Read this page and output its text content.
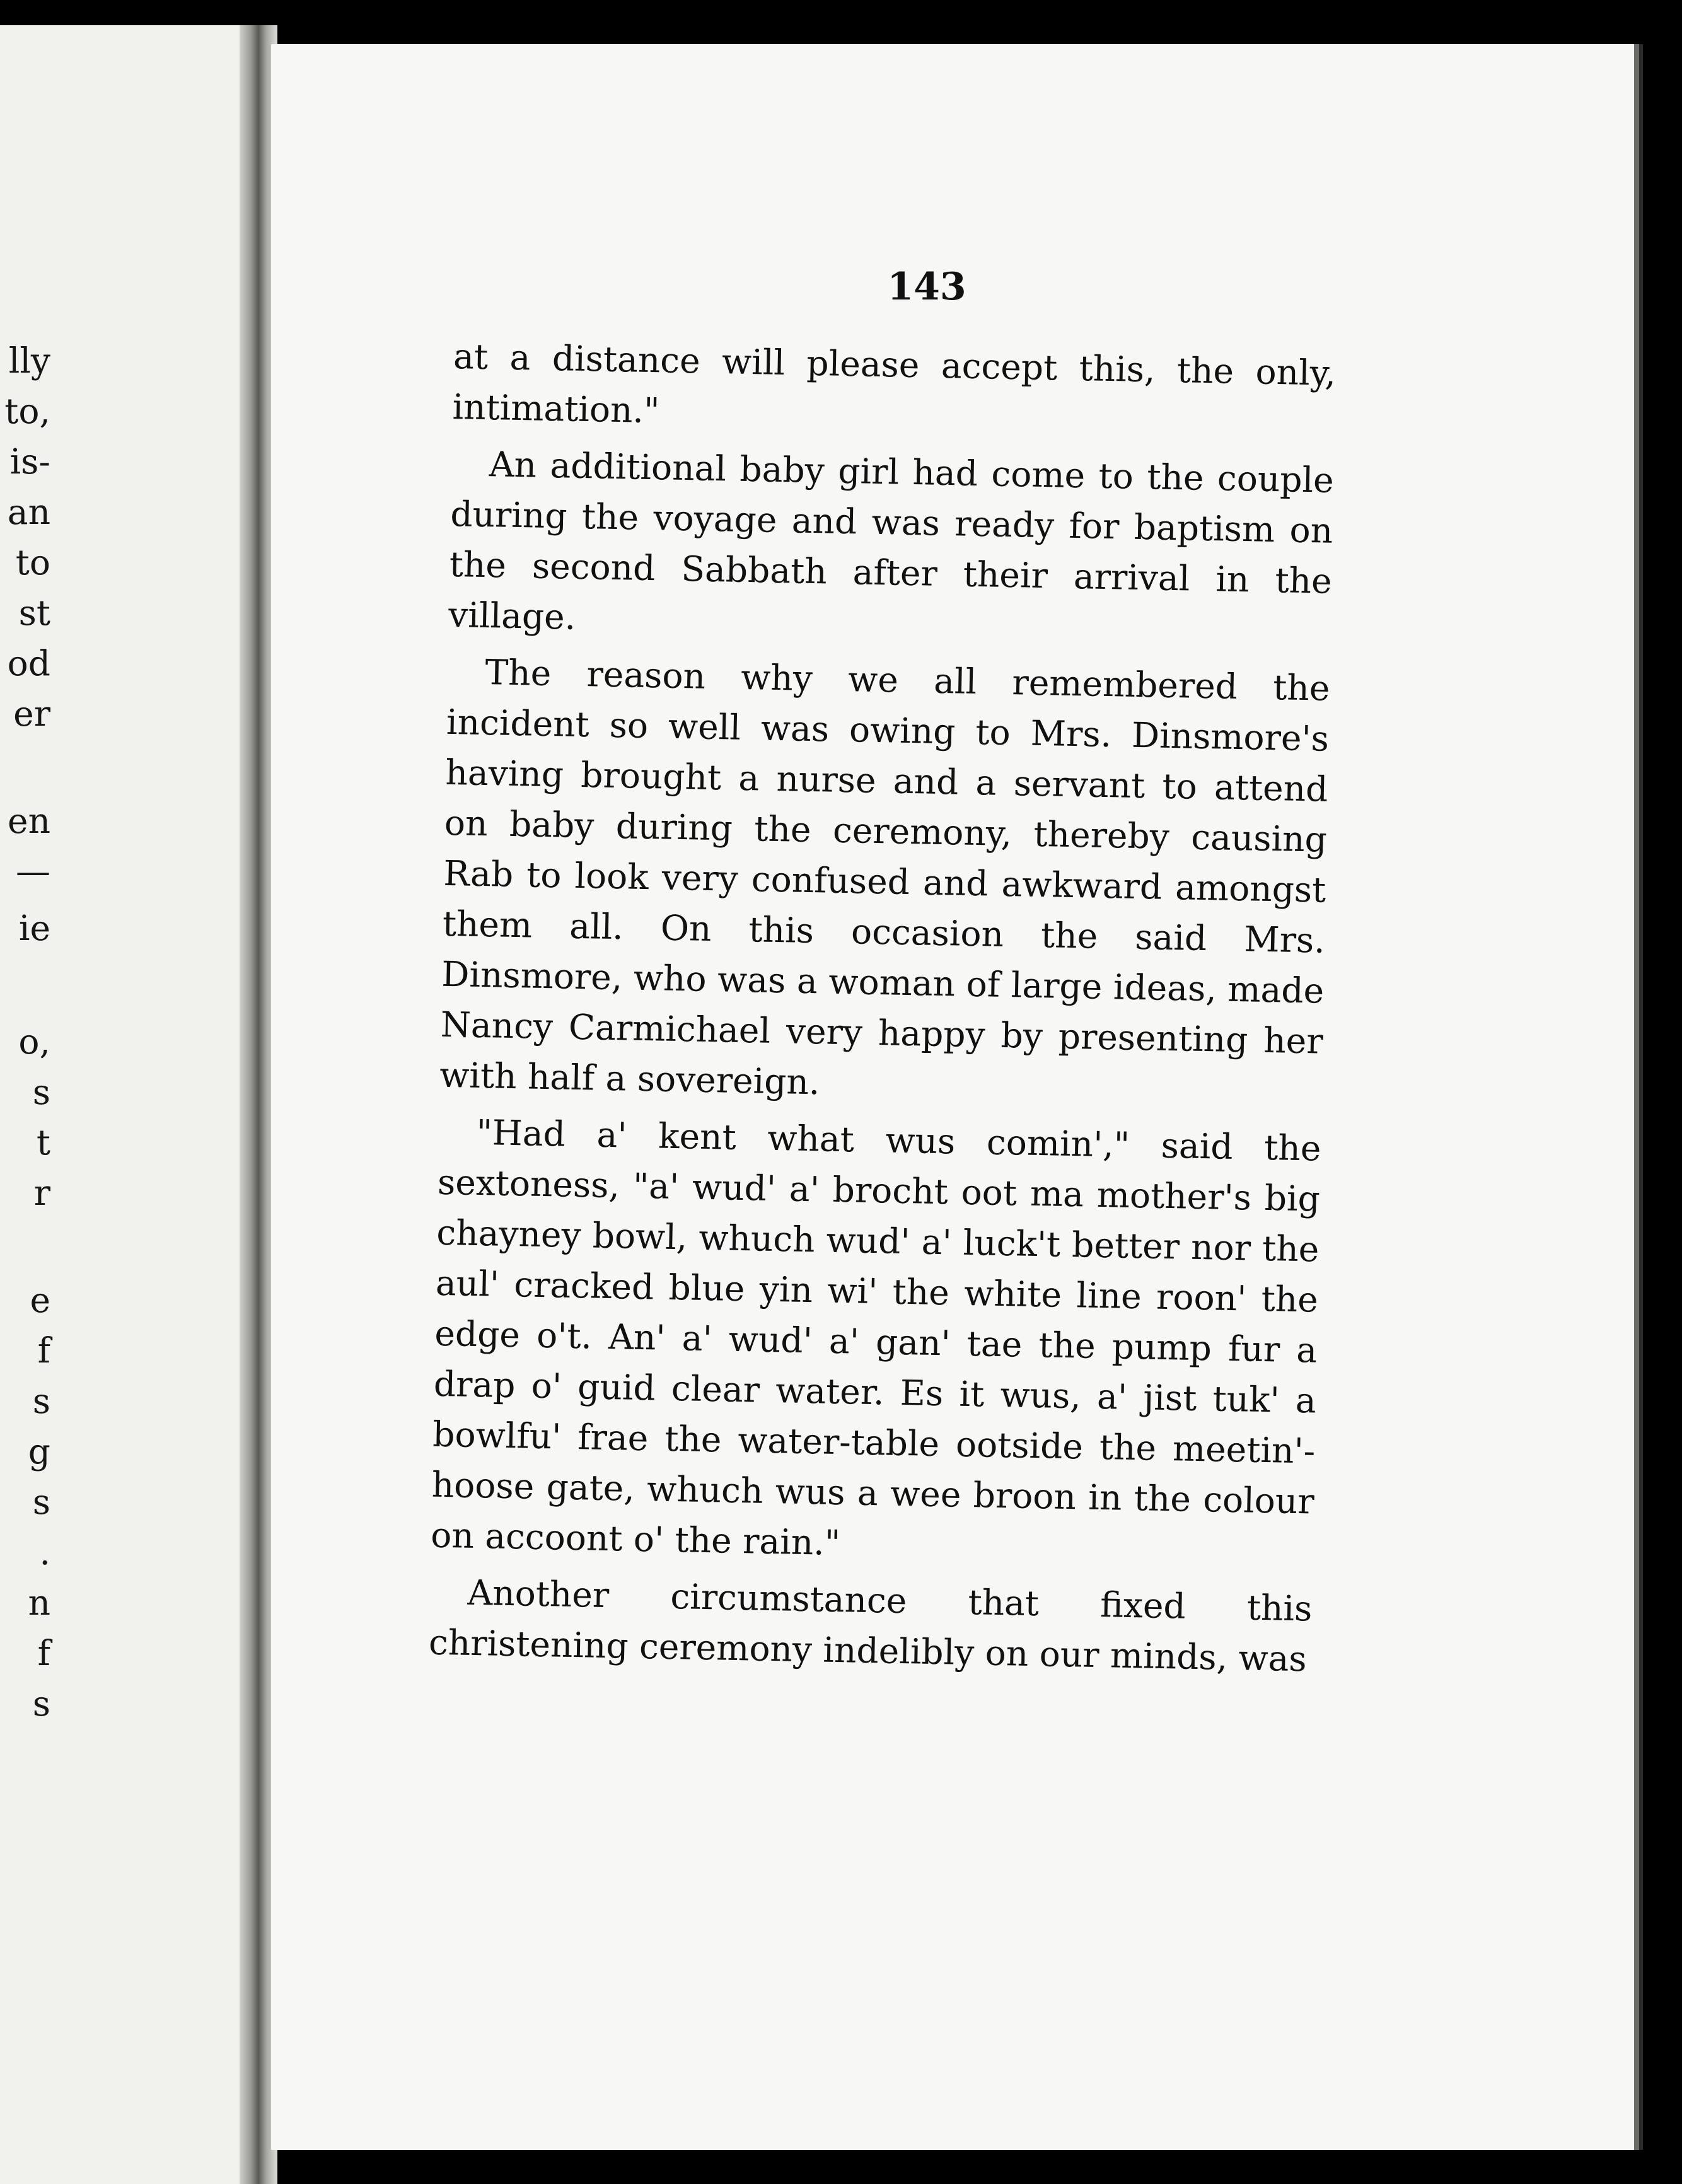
lly
to,
is-
an
to
st
od
er
en
—
ie
o,
s
t
r
e
f
s
g
s
.
n
f
s
143

at a distance will please accept this, the only, intimation."

An additional baby girl had come to the couple during the voyage and was ready for baptism on the second Sabbath after their arrival in the village.

The reason why we all remembered the incident so well was owing to Mrs. Dinsmore's having brought a nurse and a servant to attend on baby during the ceremony, thereby causing Rab to look very confused and awkward amongst them all. On this occasion the said Mrs. Dinsmore, who was a woman of large ideas, made Nancy Carmichael very happy by presenting her with half a sovereign.

"Had a' kent what wus comin'," said the sextoness, "a' wud' a' brocht oot ma mother's big chayney bowl, whuch wud' a' luck't better nor the aul' cracked blue yin wi' the white line roon' the edge o't. An' a' wud' a' gan' tae the pump fur a drap o' guid clear water. Es it wus, a' jist tuk' a bowlfu' frae the water-table ootside the meetin'-hoose gate, whuch wus a wee broon in the colour on accoont o' the rain."

Another circumstance that fixed this christening ceremony indelibly on our minds, was
